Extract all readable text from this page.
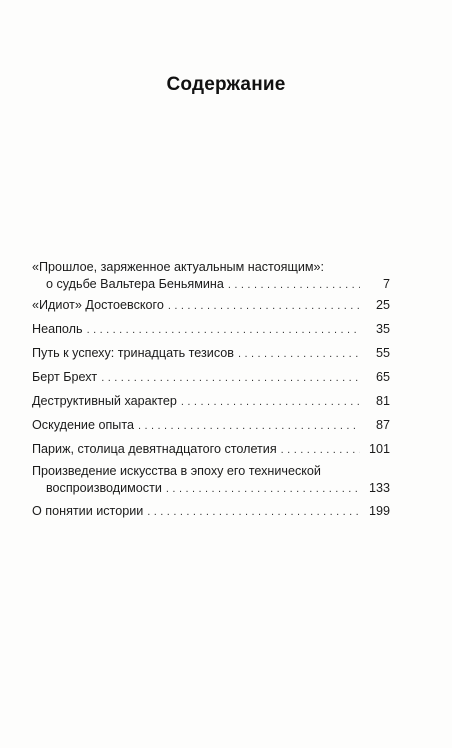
Содержание
«Прошлое, заряженное актуальным настоящим»:
о судьбе Вальтера Беньямина . . .	7
«Идиот» Достоевского . . .	25
Неаполь . . .	35
Путь к успеху: тринадцать тезисов . . .	55
Берт Брехт . . .	65
Деструктивный характер . . .	81
Оскудение опыта . . .	87
Париж, столица девятнадцатого столетия . . .	101
Произведение искусства в эпоху его технической
воспроизводимости . . .	133
О понятии истории . . .	199
